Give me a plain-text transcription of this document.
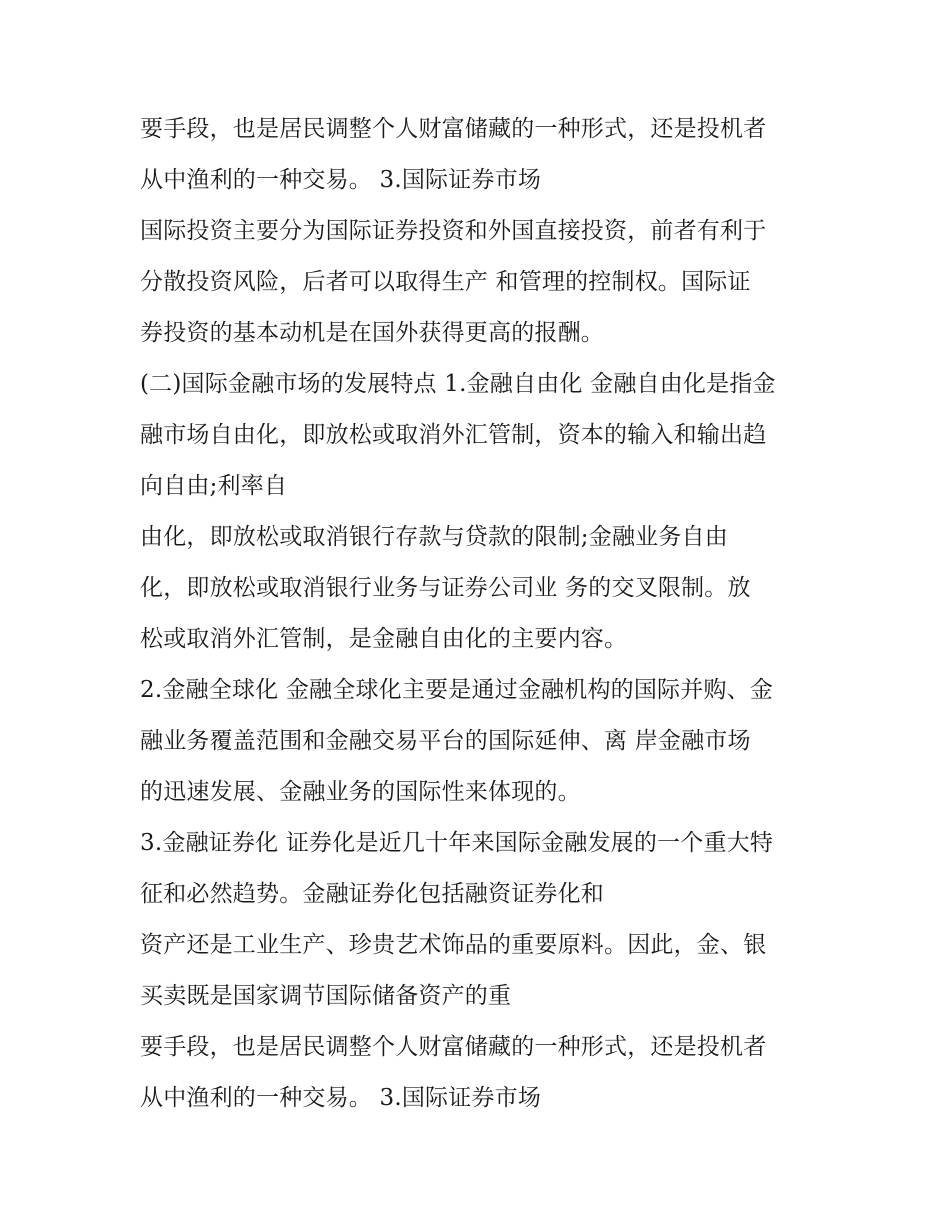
要手段，也是居民调整个人财富储藏的一种形式，还是投机者
从中渔利的一种交易。 3.国际证券市场
国际投资主要分为国际证券投资和外国直接投资，前者有利于
分散投资风险，后者可以取得生产 和管理的控制权。国际证
券投资的基本动机是在国外获得更高的报酬。
(二)国际金融市场的发展特点 1.金融自由化 金融自由化是指金
融市场自由化，即放松或取消外汇管制，资本的输入和输出趋
向自由;利率自
由化，即放松或取消银行存款与贷款的限制;金融业务自由
化，即放松或取消银行业务与证券公司业 务的交叉限制。放
松或取消外汇管制，是金融自由化的主要内容。
2.金融全球化 金融全球化主要是通过金融机构的国际并购、金
融业务覆盖范围和金融交易平台的国际延伸、离 岸金融市场
的迅速发展、金融业务的国际性来体现的。
3.金融证券化 证券化是近几十年来国际金融发展的一个重大特
征和必然趋势。金融证券化包括融资证券化和
资产还是工业生产、珍贵艺术饰品的重要原料。因此，金、银
买卖既是国家调节国际储备资产的重
要手段，也是居民调整个人财富储藏的一种形式，还是投机者
从中渔利的一种交易。 3.国际证券市场
